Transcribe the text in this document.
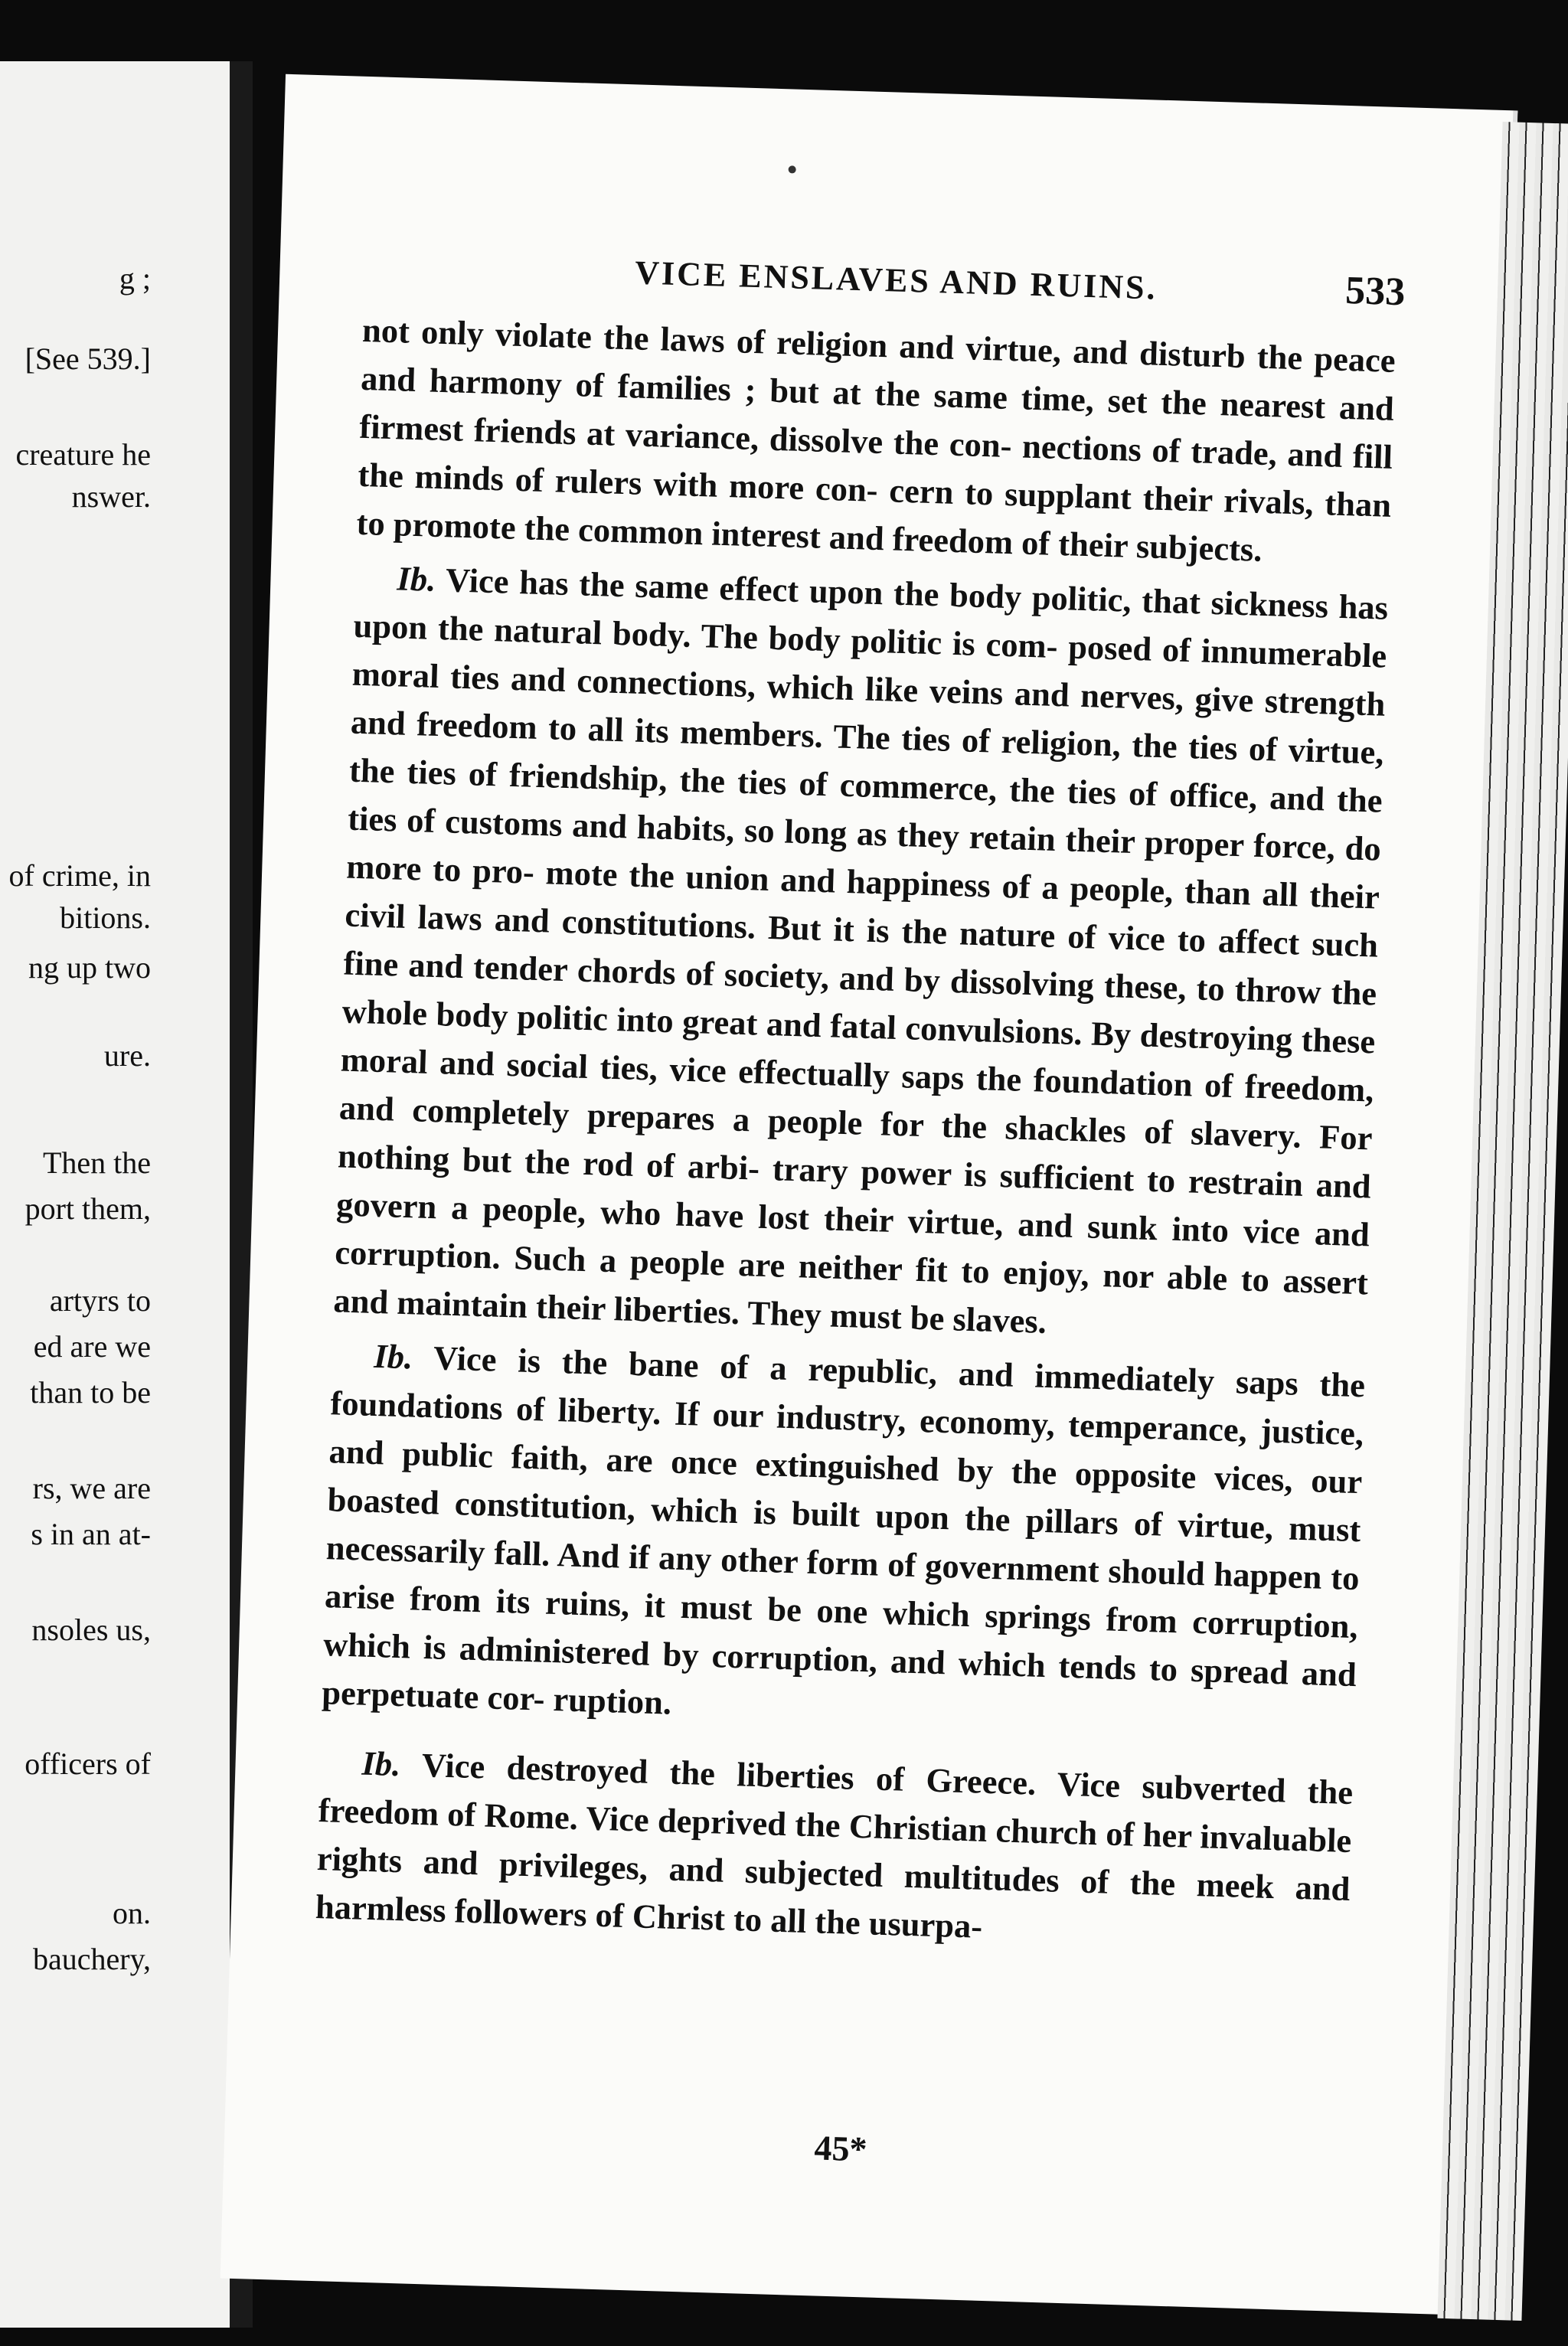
g ;
[See 539.]
creature he
nswer.
of crime, in
bitions.
ng up two
ure.
Then the
port them,
artyrs to
ed are we
than to be
rs, we are
s in an at-
nsoles us,
officers of
on.
bauchery,
VICE ENSLAVES AND RUINS.	533

not only violate the laws of religion and virtue, and disturb the peace and harmony of families ; but at the same time, set the nearest and firmest friends at variance, dissolve the con- nections of trade, and fill the minds of rulers with more con- cern to supplant their rivals, than to promote the common interest and freedom of their subjects.

Ib. Vice has the same effect upon the body politic, that sickness has upon the natural body. The body politic is com- posed of innumerable moral ties and connections, which like veins and nerves, give strength and freedom to all its members. The ties of religion, the ties of virtue, the ties of friendship, the ties of commerce, the ties of office, and the ties of customs and habits, so long as they retain their proper force, do more to pro- mote the union and happiness of a people, than all their civil laws and constitutions. But it is the nature of vice to affect such fine and tender chords of society, and by dissolving these, to throw the whole body politic into great and fatal convulsions. By destroying these moral and social ties, vice effectually saps the foundation of freedom, and completely prepares a people for the shackles of slavery. For nothing but the rod of arbi- trary power is sufficient to restrain and govern a people, who have lost their virtue, and sunk into vice and corruption. Such a people are neither fit to enjoy, nor able to assert and maintain their liberties. They must be slaves.

Ib. Vice is the bane of a republic, and immediately saps the foundations of liberty. If our industry, economy, temperance, justice, and public faith, are once extinguished by the opposite vices, our boasted constitution, which is built upon the pillars of virtue, must necessarily fall. And if any other form of government should happen to arise from its ruins, it must be one which springs from corruption, which is administered by corruption, and which tends to spread and perpetuate cor- ruption.

Ib. Vice destroyed the liberties of Greece. Vice subverted the freedom of Rome. Vice deprived the Christian church of her invaluable rights and privileges, and subjected multitudes of the meek and harmless followers of Christ to all the usurpa-

45*
